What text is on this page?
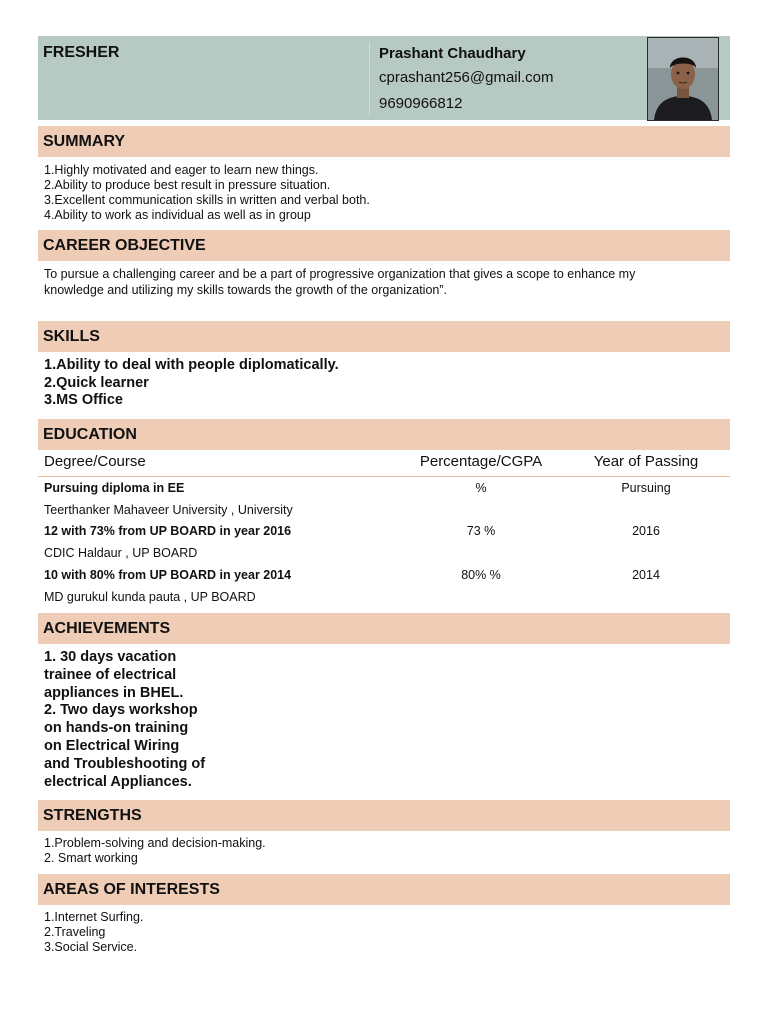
FRESHER	Prashant Chaudhary
cprashant256@gmail.com
9690966812
SUMMARY
1.Highly motivated and eager to learn new things.
2.Ability to produce best result in pressure situation.
3.Excellent communication skills in written and verbal both.
4.Ability to work as individual as well as in group
CAREER OBJECTIVE
To pursue a challenging career and be a part of progressive organization that gives a scope to enhance my
knowledge and utilizing my skills towards the growth of the organization”.
SKILLS
1.Ability to deal with people diplomatically.
2.Quick learner
3.MS Office
EDUCATION
Degree/Course	Percentage/CGPA	Year of Passing
Pursuing diploma in EE	%	Pursuing
Teerthanker Mahaveer University , University
12 with 73% from UP BOARD in year 2016	73 %	2016
CDIC Haldaur , UP BOARD
10 with 80% from UP BOARD in year 2014	80% %	2014
MD gurukul kunda pauta , UP BOARD
ACHIEVEMENTS
1. 30 days vacation
trainee of electrical
appliances in BHEL.
2. Two days workshop
on hands-on training
on Electrical Wiring
and Troubleshooting of
electrical Appliances.
STRENGTHS
1.Problem-solving and decision-making.
2. Smart working
AREAS OF INTERESTS
1.Internet Surfing.
2.Traveling
3.Social Service.
